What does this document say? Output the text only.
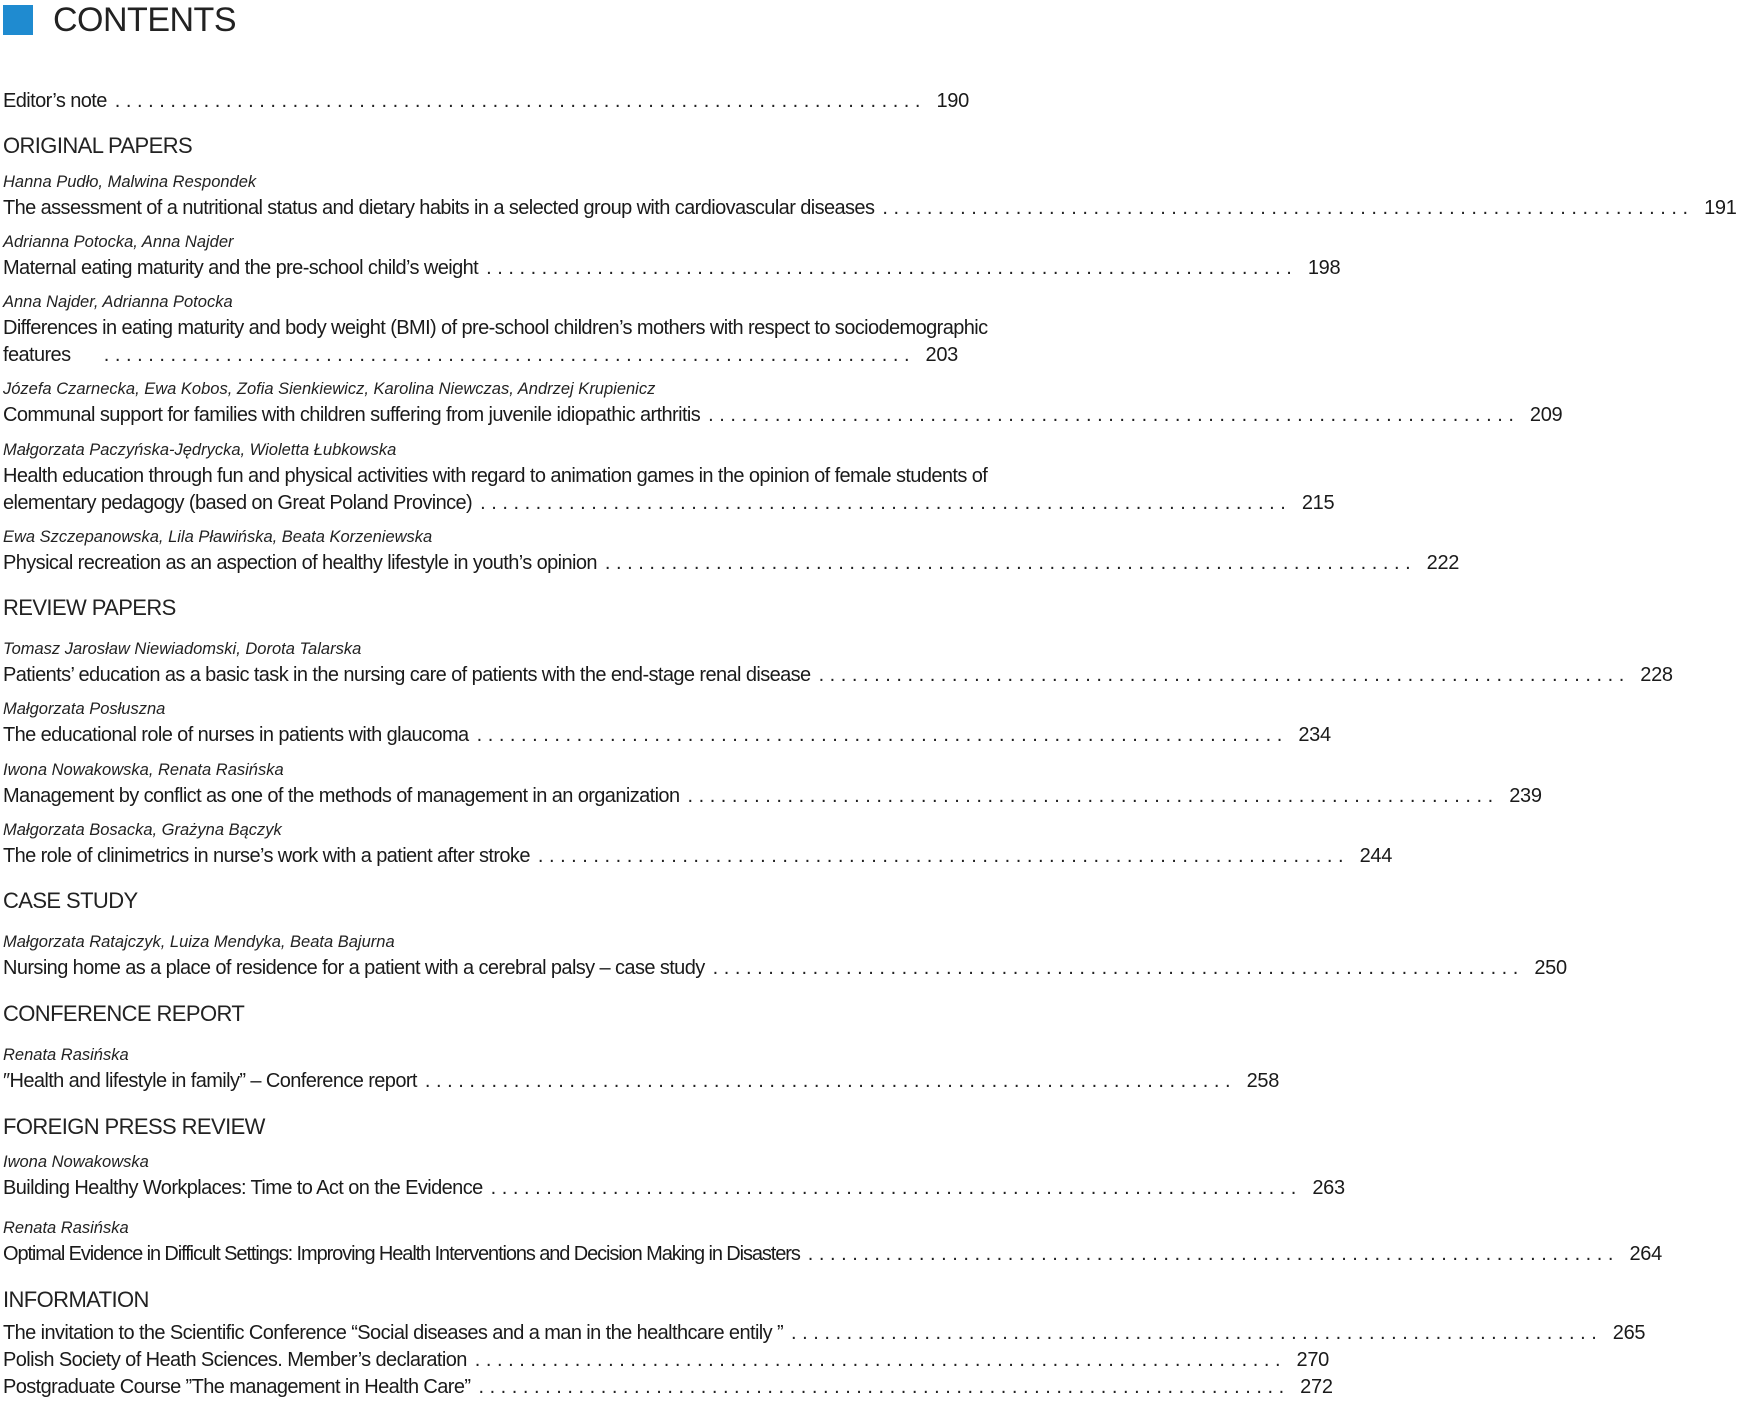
CONTENTS
Editor’s note . . .	190
ORIGINAL PAPERS
Hanna Pudło, Malwina Respondek
The assessment of a nutritional status and dietary habits in a selected group with cardiovascular diseases . . .	191
Adrianna Potocka, Anna Najder
Maternal eating maturity and the pre-school child’s weight . . .	198
Anna Najder, Adrianna Potocka
Differences in eating maturity and body weight (BMI) of pre-school children’s mothers with respect to sociodemographic
features . . .	203
Józefa Czarnecka, Ewa Kobos, Zofia Sienkiewicz, Karolina Niewczas, Andrzej Krupienicz
Communal support for families with children suffering from juvenile idiopathic arthritis . . .	209
Małgorzata Paczyńska-Jędrycka, Wioletta Łubkowska
Health education through fun and physical activities with regard to animation games in the opinion of female students of
elementary pedagogy (based on Great Poland Province) . . .	215
Ewa Szczepanowska, Lila Pławińska, Beata Korzeniewska
Physical recreation as an aspection of healthy lifestyle in youth’s opinion . . .	222
REVIEW PAPERS
Tomasz Jarosław Niewiadomski, Dorota Talarska
Patients’ education as a basic task in the nursing care of patients with the end-stage renal disease . . .	228
Małgorzata Posłuszna
The educational role of nurses in patients with glaucoma . . .	234
Iwona Nowakowska, Renata Rasińska
Management by conflict as one of the methods of management in an organization . . .	239
Małgorzata Bosacka, Grażyna Bączyk
The role of clinimetrics in nurse’s work with a patient after stroke . . .	244
CASE STUDY
Małgorzata Ratajczyk, Luiza Mendyka, Beata Bajurna
Nursing home as a place of residence for a patient with a cerebral palsy – case study . . .	250
CONFERENCE REPORT
Renata Rasińska
″Health and lifestyle in family” – Conference report . . .	258
FOREIGN PRESS REVIEW
Iwona Nowakowska
Building Healthy Workplaces: Time to Act on the Evidence . . .	263
Renata Rasińska
Optimal Evidence in Difficult Settings: Improving Health Interventions and Decision Making in Disasters . . .	264
INFORMATION
The invitation to the Scientific Conference “Social diseases and a man in the healthcare entily ” . . .	265
Polish Society of Heath Sciences. Member’s declaration . . .	270
Postgraduate Course ”The management in Health Care” . . .	272
